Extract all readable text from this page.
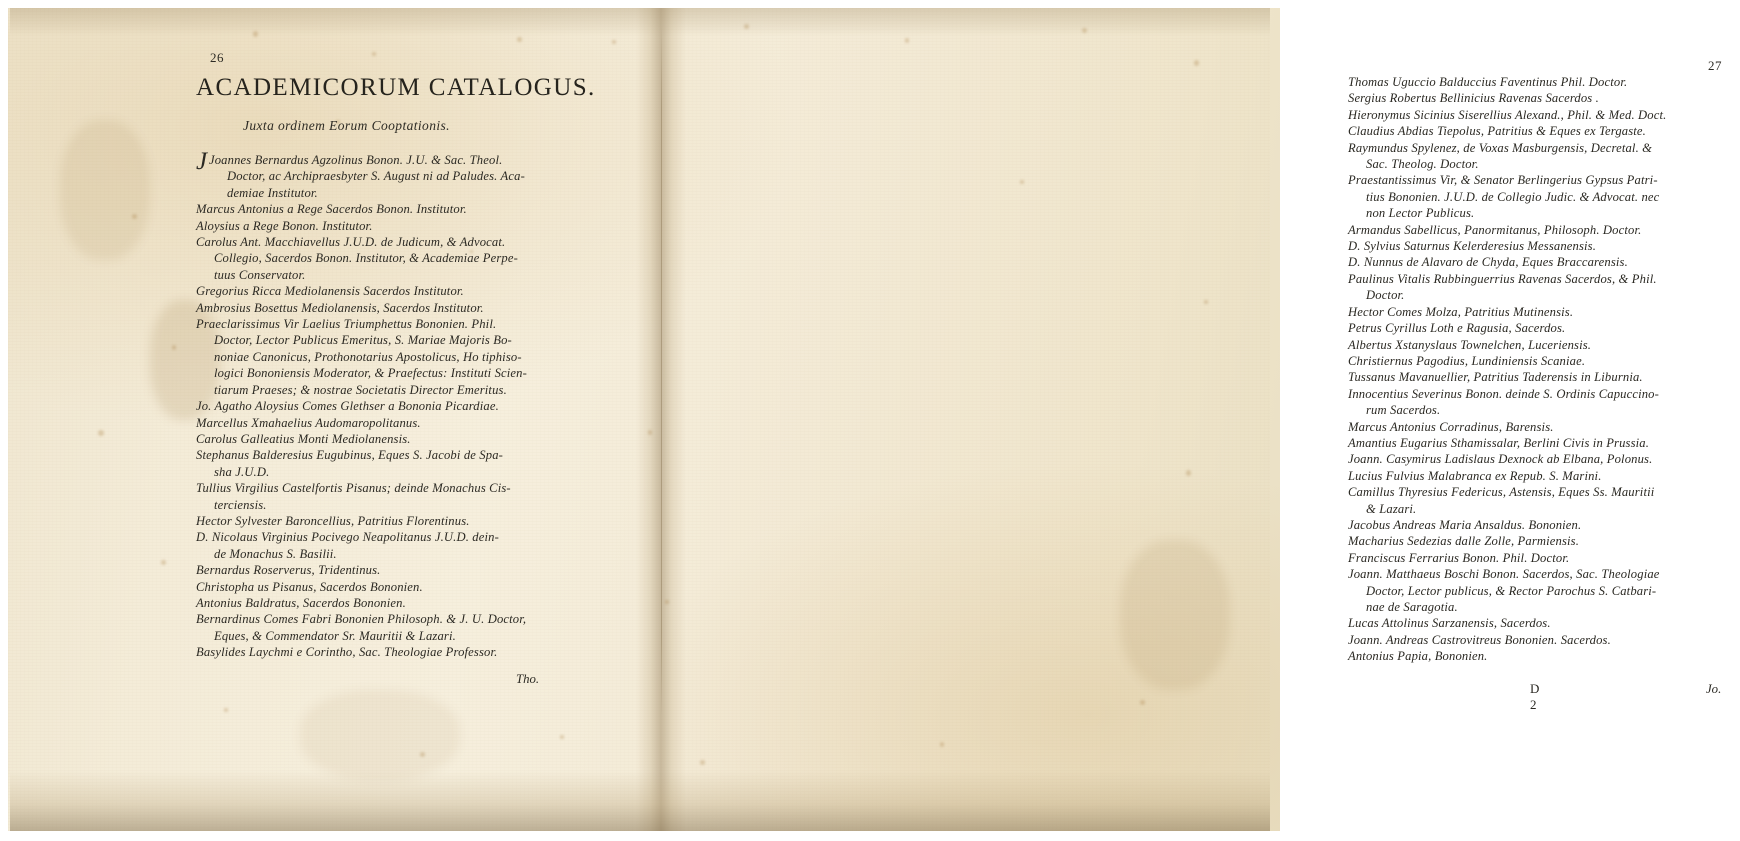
26
ACADEMICORUM CATALOGUS.
Juxta ordinem Eorum Cooptationis.
J Joannes Bernardus Agzolinus Bonon. J.U. & Sac. Theol.
Doctor, ac Archipraesbyter S. August ni ad Paludes. Aca-
demiae Institutor.
Marcus Antonius a Rege Sacerdos Bonon. Institutor.
Aloysius a Rege Bonon. Institutor.
Carolus Ant. Macchiavellus J.U.D. de Judicum, & Advocat.
Collegio, Sacerdos Bonon. Institutor, & Academiae Perpe-
tuus Conservator.
Gregorius Ricca Mediolanensis Sacerdos Institutor.
Ambrosius Bosettus Mediolanensis, Sacerdos Institutor.
Praeclarissimus Vir Laelius Triumphettus Bononien. Phil.
Doctor, Lector Publicus Emeritus, S. Mariae Majoris Bo-
noniae Canonicus, Prothonotarius Apostolicus, Ho tiphiso-
logici Bononiensis Moderator, & Praefectus: Instituti Scien-
tiarum Praeses; & nostrae Societatis Director Emeritus.
Jo. Agatho Aloysius Comes Glethser a Bononia Picardiae.
Marcellus Xmahaelius Audomaropolitanus.
Carolus Galleatius Monti Mediolanensis.
Stephanus Balderesius Eugubinus, Eques S. Jacobi de Spa-
sha J.U.D.
Tullius Virgilius Castelfortis Pisanus; deinde Monachus Cis-
terciensis.
Hector Sylvester Baroncellius, Patritius Florentinus.
D. Nicolaus Virginius Pocivego Neapolitanus J.U.D. dein-
de Monachus S. Basilii.
Bernardus Roserverus, Tridentinus.
Christopha us Pisanus, Sacerdos Bononien.
Antonius Baldratus, Sacerdos Bononien.
Bernardinus Comes Fabri Bononien Philosoph. & J. U. Doctor,
Eques, & Commendator Sr. Mauritii & Lazari.
Basylides Laychmi e Corintho, Sac. Theologiae Professor.
Tho.
27
Thomas Uguccio Balduccius Faventinus Phil. Doctor.
Sergius Robertus Bellinicius Ravenas Sacerdos .
Hieronymus Sicinius Siserellius Alexand., Phil. & Med. Doct.
Claudius Abdias Tiepolus, Patritius & Eques ex Tergaste.
Raymundus Spylenez, de Voxas Masburgensis, Decretal. &
Sac. Theolog. Doctor.
Praestantissimus Vir, & Senator Berlingerius Gypsus Patri-
tius Bononien. J.U.D. de Collegio Judic. & Advocat. nec
non Lector Publicus.
Armandus Sabellicus, Panormitanus, Philosoph. Doctor.
D. Sylvius Saturnus Kelerderesius Messanensis.
D. Nunnus de Alavaro de Chyda, Eques Braccarensis.
Paulinus Vitalis Rubbinguerrius Ravenas Sacerdos, & Phil.
Doctor.
Hector Comes Molza, Patritius Mutinensis.
Petrus Cyrillus Loth e Ragusia, Sacerdos.
Albertus Xstanyslaus Townelchen, Luceriensis.
Christiernus Pagodius, Lundiniensis Scaniae.
Tussanus Mavanuellier, Patritius Taderensis in Liburnia.
Innocentius Severinus Bonon. deinde S. Ordinis Capuccino-
rum Sacerdos.
Marcus Antonius Corradinus, Barensis.
Amantius Eugarius Sthamissalar, Berlini Civis in Prussia.
Joann. Casymirus Ladislaus Dexnock ab Elbana, Polonus.
Lucius Fulvius Malabranca ex Repub. S. Marini.
Camillus Thyresius Federicus, Astensis, Eques Ss. Mauritii
& Lazari.
Jacobus Andreas Maria Ansaldus. Bononien.
Macharius Sedezias dalle Zolle, Parmiensis.
Franciscus Ferrarius Bonon. Phil. Doctor.
Joann. Matthaeus Boschi Bonon. Sacerdos, Sac. Theologiae
Doctor, Lector publicus, & Rector Parochus S. Catbari-
nae de Saragotia.
Lucas Attolinus Sarzanensis, Sacerdos.
Joann. Andreas Castrovitreus Bononien. Sacerdos.
Antonius Papia, Bononien.
D 2
Jo.
